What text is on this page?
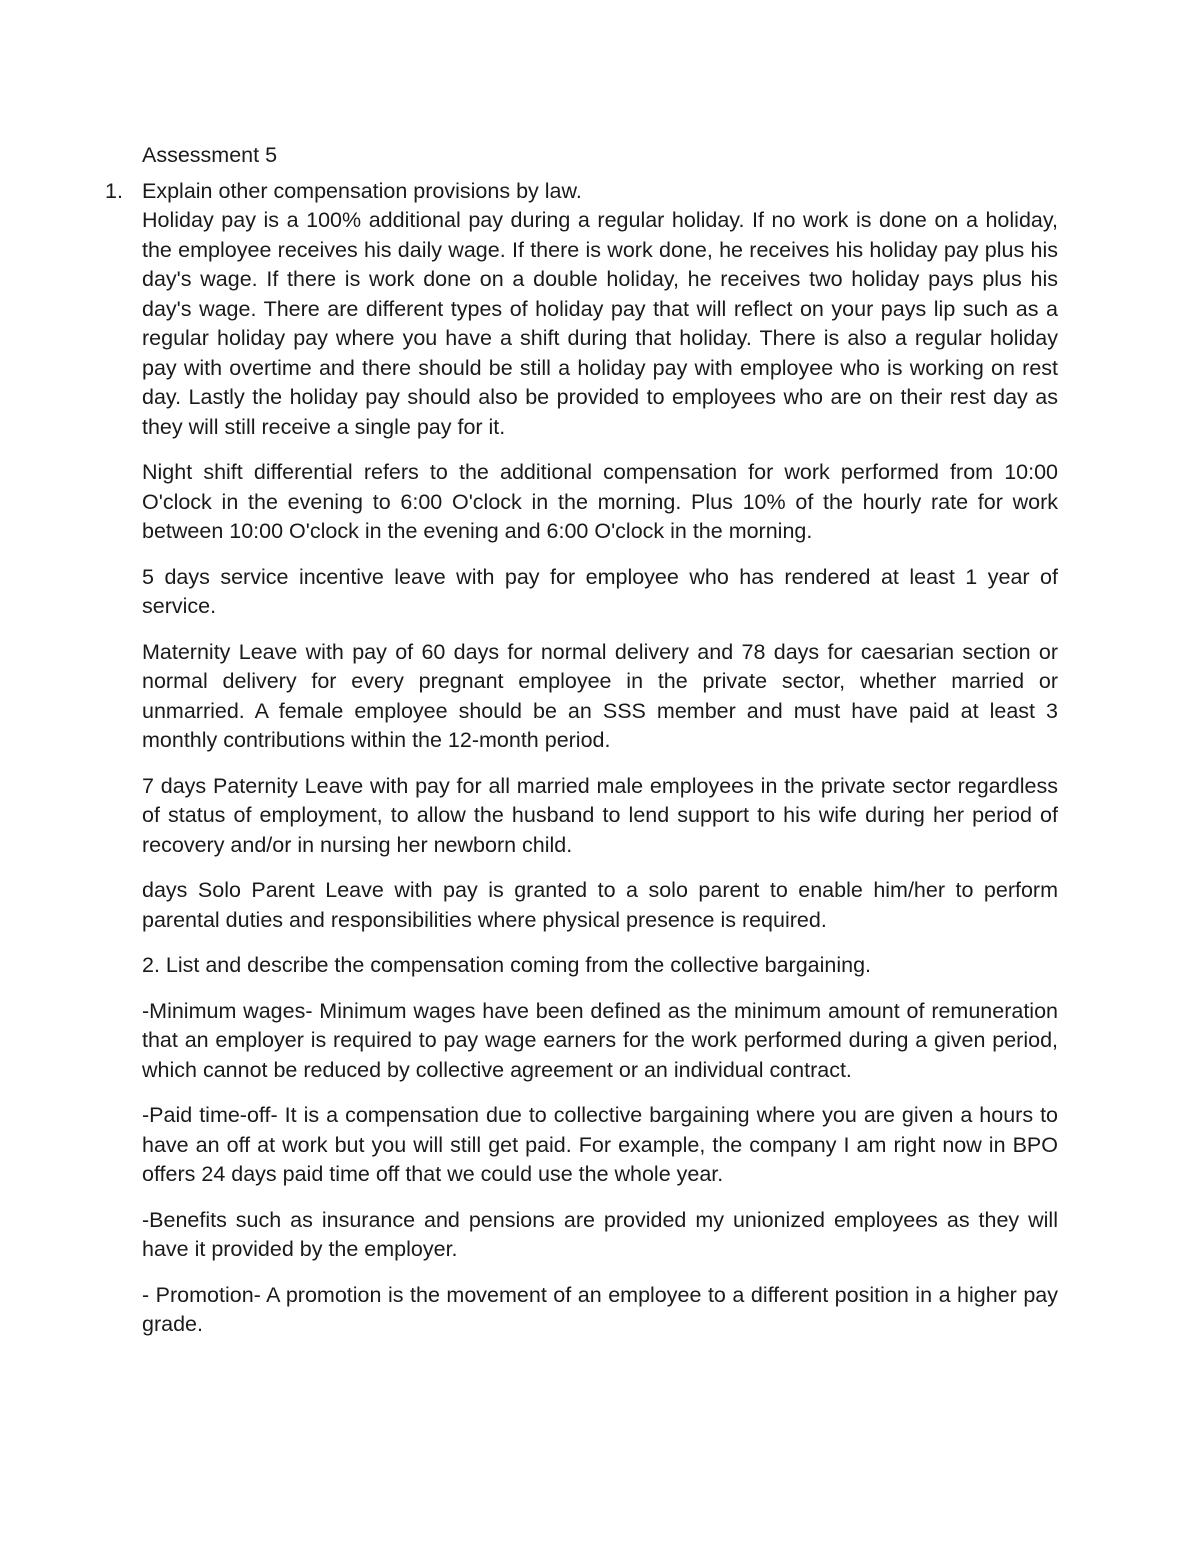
Assessment 5
1. Explain other compensation provisions by law.

Holiday pay is a 100% additional pay during a regular holiday. If no work is done on a holiday, the employee receives his daily wage. If there is work done, he receives his holiday pay plus his day's wage. If there is work done on a double holiday, he receives two holiday pays plus his day's wage. There are different types of holiday pay that will reflect on your pays lip such as a regular holiday pay where you have a shift during that holiday. There is also a regular holiday pay with overtime and there should be still a holiday pay with employee who is working on rest day. Lastly the holiday pay should also be provided to employees who are on their rest day as they will still receive a single pay for it.

Night shift differential refers to the additional compensation for work performed from 10:00 O'clock in the evening to 6:00 O'clock in the morning. Plus 10% of the hourly rate for work between 10:00 O'clock in the evening and 6:00 O'clock in the morning.

5 days service incentive leave with pay for employee who has rendered at least 1 year of service.

Maternity Leave with pay of 60 days for normal delivery and 78 days for caesarian section or normal delivery for every pregnant employee in the private sector, whether married or unmarried. A female employee should be an SSS member and must have paid at least 3 monthly contributions within the 12-month period.

7 days Paternity Leave with pay for all married male employees in the private sector regardless of status of employment, to allow the husband to lend support to his wife during her period of recovery and/or in nursing her newborn child.

days Solo Parent Leave with pay is granted to a solo parent to enable him/her to perform parental duties and responsibilities where physical presence is required.

2. List and describe the compensation coming from the collective bargaining.

-Minimum wages- Minimum wages have been defined as the minimum amount of remuneration that an employer is required to pay wage earners for the work performed during a given period, which cannot be reduced by collective agreement or an individual contract.

-Paid time-off- It is a compensation due to collective bargaining where you are given a hours to have an off at work but you will still get paid. For example, the company I am right now in BPO offers 24 days paid time off that we could use the whole year.

-Benefits such as insurance and pensions are provided my unionized employees as they will have it provided by the employer.

- Promotion- A promotion is the movement of an employee to a different position in a higher pay grade.
